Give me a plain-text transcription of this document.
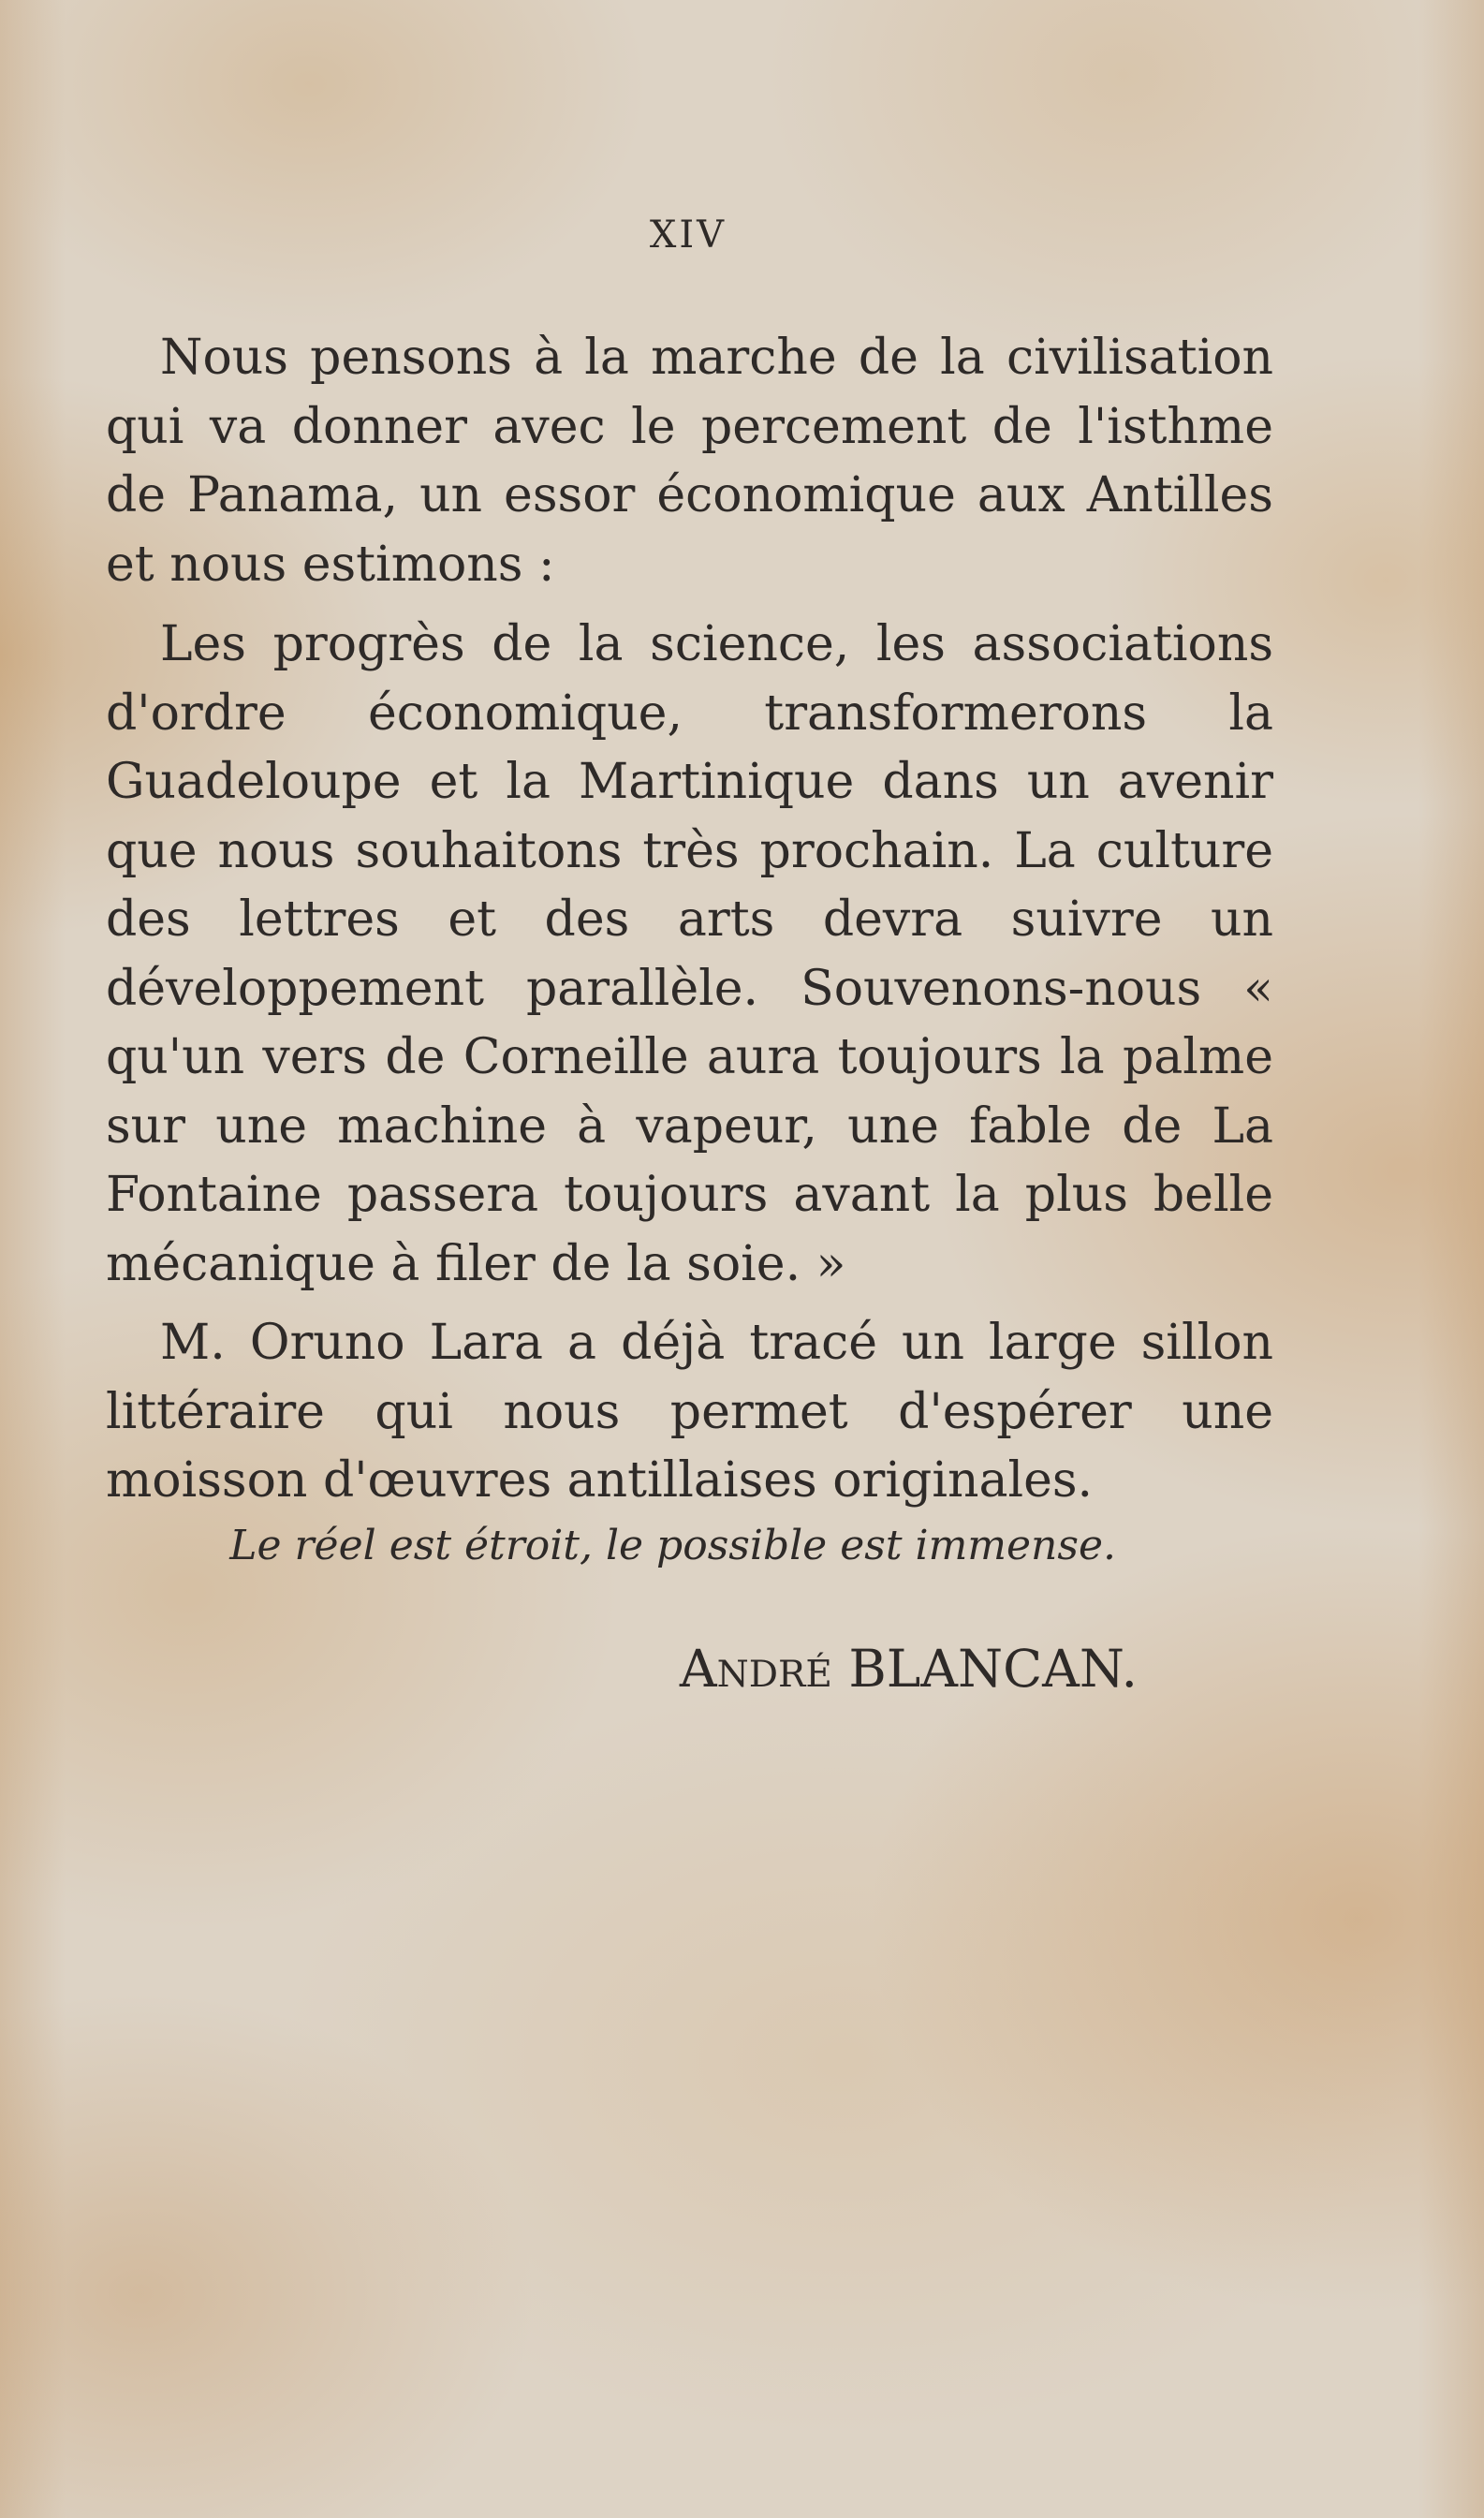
XIV

Nous pensons à la marche de la civilisation qui va donner avec le percement de l'isthme de Panama, un essor économique aux Antilles et nous estimons :

Les progrès de la science, les associations d'ordre économique, transformerons la Guadeloupe et la Martinique dans un avenir que nous souhaitons très prochain. La culture des lettres et des arts devra suivre un développement parallèle. Souvenons-nous « qu'un vers de Corneille aura toujours la palme sur une machine à vapeur, une fable de La Fontaine passera toujours avant la plus belle mécanique à filer de la soie. »

M. Oruno Lara a déjà tracé un large sillon littéraire qui nous permet d'espérer une moisson d'œuvres antillaises originales.

Le réel est étroit, le possible est immense.

André BLANCAN.
